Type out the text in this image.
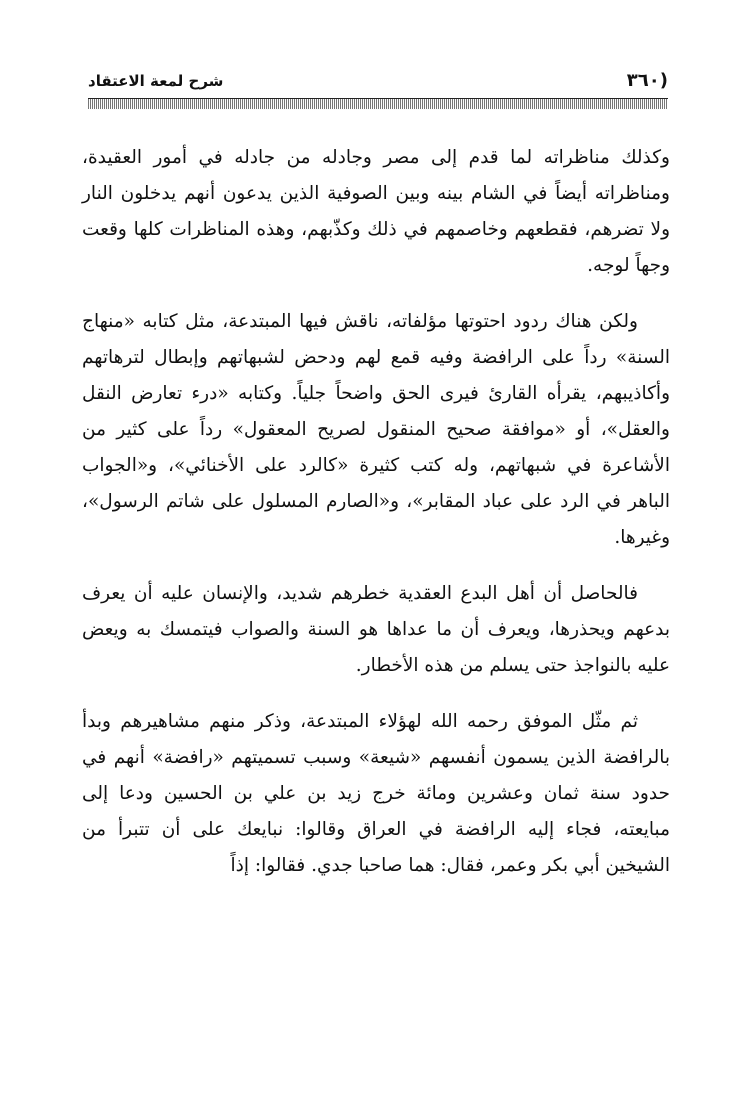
(٣٦٠
شرح لمعة الاعتقاد

وكذلك مناظراته لما قدم إلى مصر وجادله من جادله في أمور العقيدة، ومناظراته أيضاً في الشام بينه وبين الصوفية الذين يدعون أنهم يدخلون النار ولا تضرهم، فقطعهم وخاصمهم في ذلك وكذّبهم، وهذه المناظرات كلها وقعت وجهاً لوجه.

ولكن هناك ردود احتوتها مؤلفاته، ناقش فيها المبتدعة، مثل كتابه «منهاج السنة» رداً على الرافضة وفيه قمع لهم ودحض لشبهاتهم وإبطال لترهاتهم وأكاذيبهم، يقرأه القارئ فيرى الحق واضحاً جلياً. وكتابه «درء تعارض النقل والعقل»، أو «موافقة صحيح المنقول لصريح المعقول» رداً على كثير من الأشاعرة في شبهاتهم، وله كتب كثيرة «كالرد على الأخنائي»، و«الجواب الباهر في الرد على عباد المقابر»، و«الصارم المسلول على شاتم الرسول»، وغيرها.

فالحاصل أن أهل البدع العقدية خطرهم شديد، والإنسان عليه أن يعرف بدعهم ويحذرها، ويعرف أن ما عداها هو السنة والصواب فيتمسك به ويعض عليه بالنواجذ حتى يسلم من هذه الأخطار.

ثم مثّل الموفق رحمه الله لهؤلاء المبتدعة، وذكر منهم مشاهيرهم وبدأ بالرافضة الذين يسمون أنفسهم «شيعة» وسبب تسميتهم «رافضة» أنهم في حدود سنة ثمان وعشرين ومائة خرج زيد بن علي بن الحسين ودعا إلى مبايعته، فجاء إليه الرافضة في العراق وقالوا: نبايعك على أن تتبرأ من الشيخين أبي بكر وعمر، فقال: هما صاحبا جدي. فقالوا: إذاً
